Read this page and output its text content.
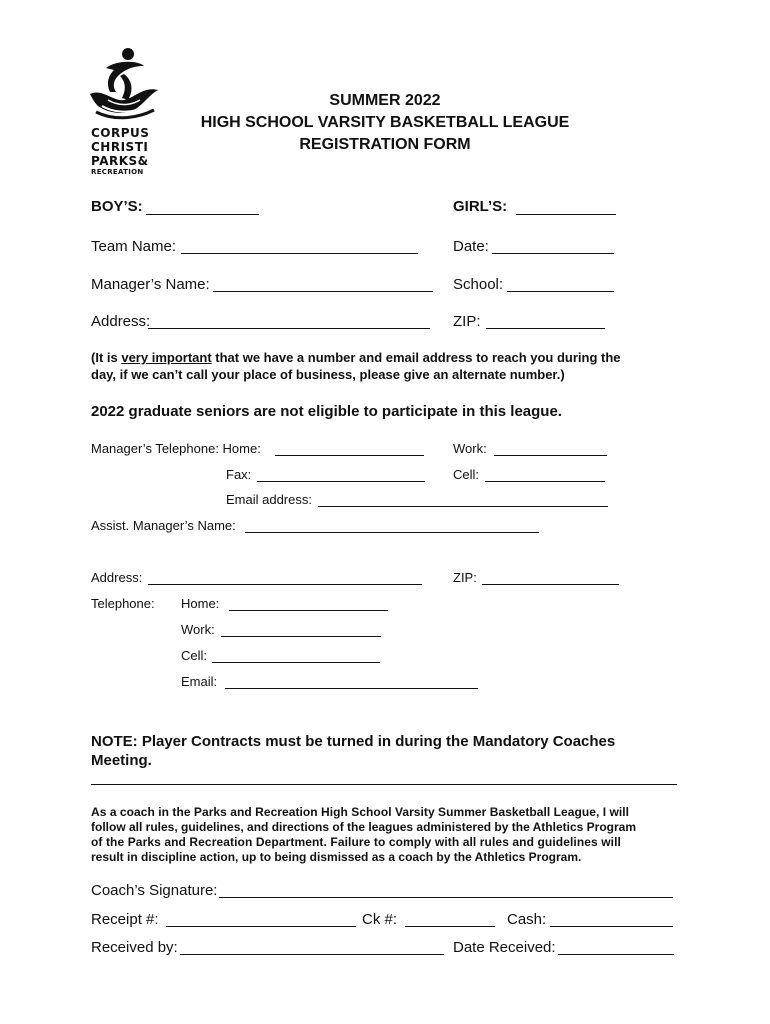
CORPUS
CHRISTI
PARKS&
RECREATION
SUMMER 2022
HIGH SCHOOL VARSITY BASKETBALL LEAGUE
REGISTRATION FORM
BOY’S:	GIRL’S:
Team Name:	Date:
Manager’s Name:	School:
Address:	ZIP:
(It is very important that we have a number and email address to reach you during the
day, if we can’t call your place of business, please give an alternate number.)
2022 graduate seniors are not eligible to participate in this league.
Manager’s Telephone: Home:	Work:
Fax:	Cell:
Email address:
Assist. Manager’s Name:
Address:	ZIP:
Telephone: Home:
Work:
Cell:
Email:
NOTE: Player Contracts must be turned in during the Mandatory Coaches
Meeting.
As a coach in the Parks and Recreation High School Varsity Summer Basketball League, I will
follow all rules, guidelines, and directions of the leagues administered by the Athletics Program
of the Parks and Recreation Department. Failure to comply with all rules and guidelines will
result in discipline action, up to being dismissed as a coach by the Athletics Program.
Coach’s Signature:
Receipt #:	Ck #:	Cash:
Received by:	Date Received:
